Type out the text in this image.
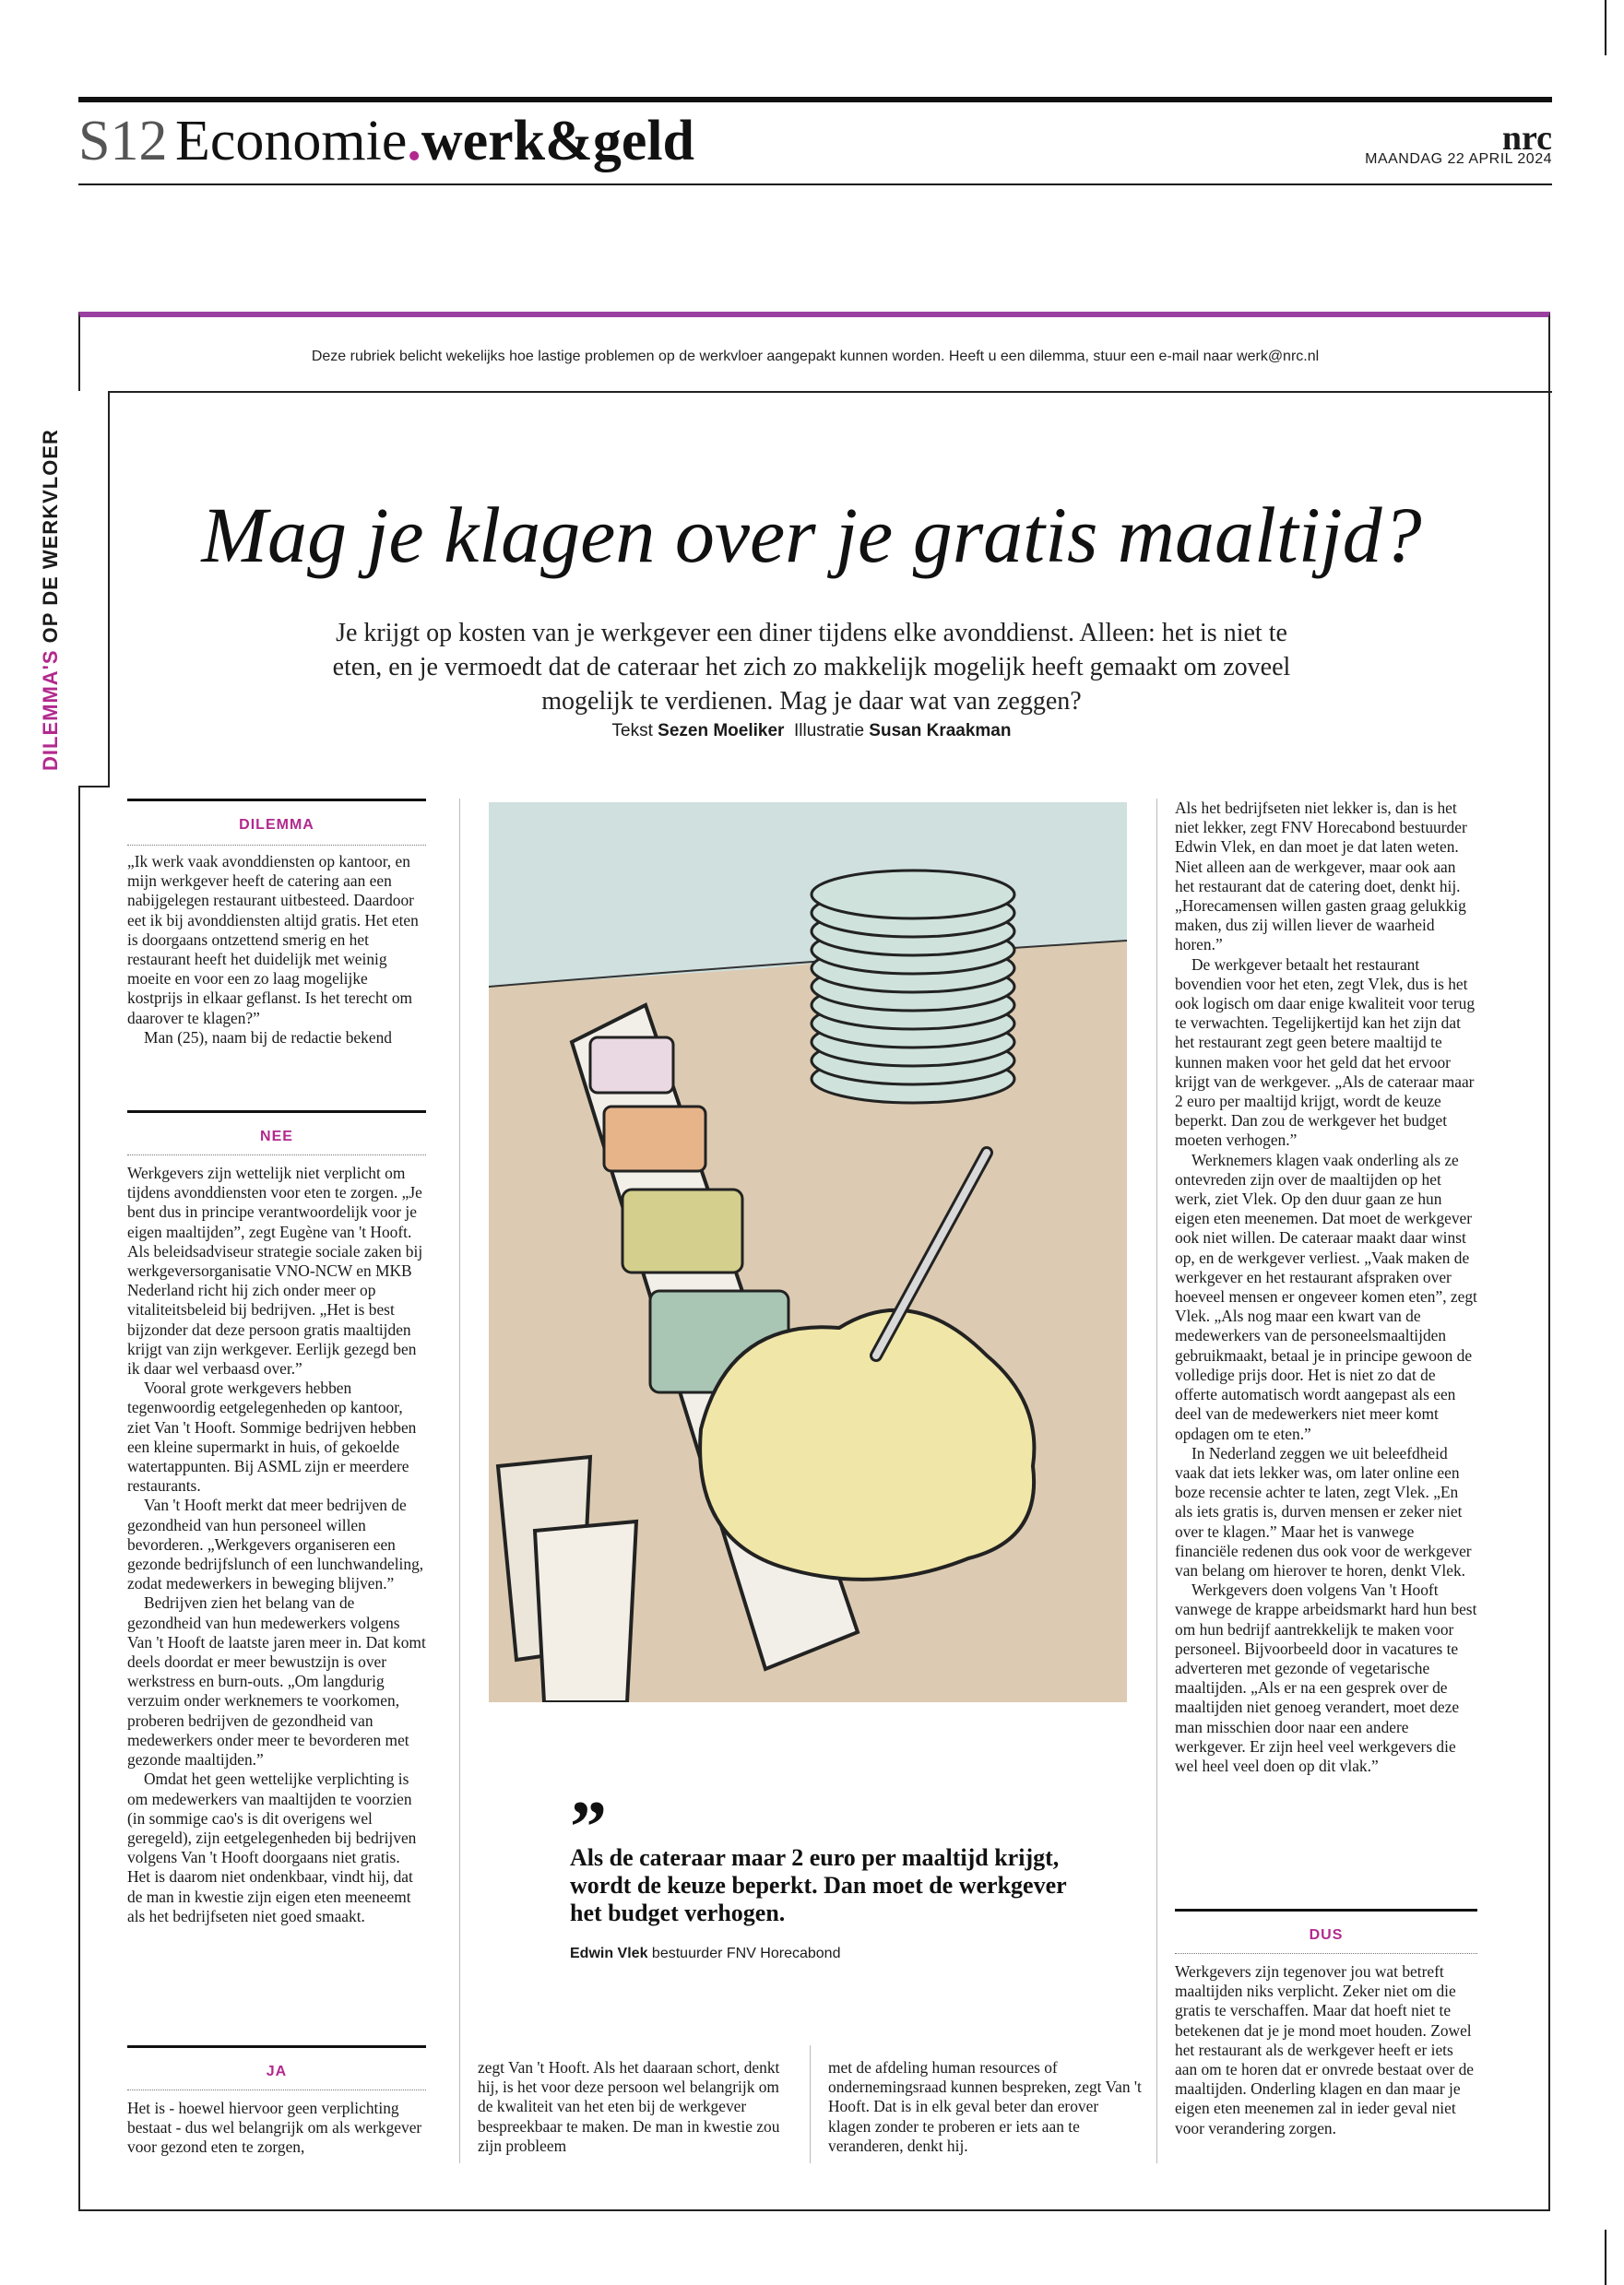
S12 Economie.werk&geld	nrc
MAANDAG 22 APRIL 2024
Deze rubriek belicht wekelijks hoe lastige problemen op de werkvloer aangepakt kunnen worden. Heeft u een dilemma, stuur een e-mail naar werk@nrc.nl
DILEMMA'S OP DE WERKVLOER	Mag je klagen over je gratis maaltijd?
Je krijgt op kosten van je werkgever een diner tijdens elke avonddienst. Alleen: het is niet te eten, en je vermoedt dat de cateraar het zich zo makkelijk mogelijk heeft gemaakt om zoveel mogelijk te verdienen. Mag je daar wat van zeggen?
Tekst Sezen Moeliker Illustratie Susan Kraakman
DILEMMA

„Ik werk vaak avonddiensten op kantoor, en mijn werkgever heeft de catering aan een nabijgelegen restaurant uitbesteed. Daardoor eet ik bij avonddiensten altijd gratis. Het eten is doorgaans ontzettend smerig en het restaurant heeft het duidelijk met weinig moeite en voor een zo laag mogelijke kostprijs in elkaar geflanst. Is het terecht om daarover te klagen?”

Man (25), naam bij de redactie bekend

NEE

Werkgevers zijn wettelijk niet verplicht om tijdens avonddiensten voor eten te zorgen. „Je bent dus in principe verantwoordelijk voor je eigen maaltijden”, zegt Eugène van 't Hooft. Als beleidsadviseur strategie sociale zaken bij werkgeversorganisatie VNO-NCW en MKB Nederland richt hij zich onder meer op vitaliteitsbeleid bij bedrijven. „Het is best bijzonder dat deze persoon gratis maaltijden krijgt van zijn werkgever. Eerlijk gezegd ben ik daar wel verbaasd over.”

Vooral grote werkgevers hebben tegenwoordig eetgelegenheden op kantoor, ziet Van 't Hooft. Sommige bedrijven hebben een kleine supermarkt in huis, of gekoelde watertappunten. Bij ASML zijn er meerdere restaurants.

Van 't Hooft merkt dat meer bedrijven de gezondheid van hun personeel willen bevorderen. „Werkgevers organiseren een gezonde bedrijfslunch of een lunchwandeling, zodat medewerkers in beweging blijven.”

Bedrijven zien het belang van de gezondheid van hun medewerkers volgens Van 't Hooft de laatste jaren meer in. Dat komt deels doordat er meer bewustzijn is over werkstress en burn-outs. „Om langdurig verzuim onder werknemers te voorkomen, proberen bedrijven de gezondheid van medewerkers onder meer te bevorderen met gezonde maaltijden.”

Omdat het geen wettelijke verplichting is om medewerkers van maaltijden te voorzien (in sommige cao's is dit overigens wel geregeld), zijn eetgelegenheden bij bedrijven volgens Van 't Hooft doorgaans niet gratis. Het is daarom niet ondenkbaar, vindt hij, dat de man in kwestie zijn eigen eten meeneemt als het bedrijfseten niet goed smaakt.

JA

Het is - hoewel hiervoor geen verplichting bestaat - dus wel belangrijk om als werkgever voor gezond eten te zorgen,

”
Als de cateraar maar 2 euro per maaltijd krijgt, wordt de keuze beperkt. Dan moet de werkgever het budget verhogen.
Edwin Vlek bestuurder FNV Horecabond

zegt Van 't Hooft. Als het daaraan schort, denkt hij, is het voor deze persoon wel belangrijk om de kwaliteit van het eten bij de werkgever bespreekbaar te maken. De man in kwestie zou zijn probleem

met de afdeling human resources of ondernemingsraad kunnen bespreken, zegt Van 't Hooft. Dat is in elk geval beter dan erover klagen zonder te proberen er iets aan te veranderen, denkt hij.

Als het bedrijfseten niet lekker is, dan is het niet lekker, zegt FNV Horecabond bestuurder Edwin Vlek, en dan moet je dat laten weten. Niet alleen aan de werkgever, maar ook aan het restaurant dat de catering doet, denkt hij. „Horecamensen willen gasten graag gelukkig maken, dus zij willen liever de waarheid horen.”

De werkgever betaalt het restaurant bovendien voor het eten, zegt Vlek, dus is het ook logisch om daar enige kwaliteit voor terug te verwachten. Tegelijkertijd kan het zijn dat het restaurant zegt geen betere maaltijd te kunnen maken voor het geld dat het ervoor krijgt van de werkgever. „Als de cateraar maar 2 euro per maaltijd krijgt, wordt de keuze beperkt. Dan zou de werkgever het budget moeten verhogen.”

Werknemers klagen vaak onderling als ze ontevreden zijn over de maaltijden op het werk, ziet Vlek. Op den duur gaan ze hun eigen eten meenemen. Dat moet de werkgever ook niet willen. De cateraar maakt daar winst op, en de werkgever verliest. „Vaak maken de werkgever en het restaurant afspraken over hoeveel mensen er ongeveer komen eten”, zegt Vlek. „Als nog maar een kwart van de medewerkers van de personeelsmaaltijden gebruikmaakt, betaal je in principe gewoon de volledige prijs door. Het is niet zo dat de offerte automatisch wordt aangepast als een deel van de medewerkers niet meer komt opdagen om te eten.”

In Nederland zeggen we uit beleefdheid vaak dat iets lekker was, om later online een boze recensie achter te laten, zegt Vlek. „En als iets gratis is, durven mensen er zeker niet over te klagen.” Maar het is vanwege financiële redenen dus ook voor de werkgever van belang om hierover te horen, denkt Vlek.

Werkgevers doen volgens Van 't Hooft vanwege de krappe arbeidsmarkt hard hun best om hun bedrijf aantrekkelijk te maken voor personeel. Bijvoorbeeld door in vacatures te adverteren met gezonde of vegetarische maaltijden. „Als er na een gesprek over de maaltijden niet genoeg verandert, moet deze man misschien door naar een andere werkgever. Er zijn heel veel werkgevers die wel heel veel doen op dit vlak.”

DUS

Werkgevers zijn tegenover jou wat betreft maaltijden niks verplicht. Zeker niet om die gratis te verschaffen. Maar dat hoeft niet te betekenen dat je je mond moet houden. Zowel het restaurant als de werkgever heeft er iets aan om te horen dat er onvrede bestaat over de maaltijden. Onderling klagen en dan maar je eigen eten meenemen zal in ieder geval niet voor verandering zorgen.
